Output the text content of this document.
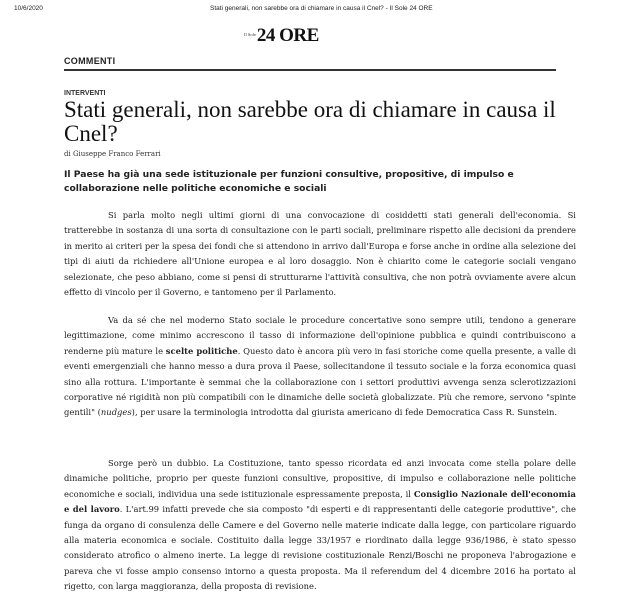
10/6/2020	Stati generali, non sarebbe ora di chiamare in causa il Cnel? - Il Sole 24 ORE
Il Sole 24 ORE
COMMENTI
INTERVENTI
Stati generali, non sarebbe ora di chiamare in causa il Cnel?
di Giuseppe Franco Ferrari
Il Paese ha già una sede istituzionale per funzioni consultive, propositive, di impulso e collaborazione nelle politiche economiche e sociali

Si parla molto negli ultimi giorni di una convocazione di cosiddetti stati generali dell'economia. Si tratterebbe in sostanza di una sorta di consultazione con le parti sociali, preliminare rispetto alle decisioni da prendere in merito ai criteri per la spesa dei fondi che si attendono in arrivo dall'Europa e forse anche in ordine alla selezione dei tipi di aiuti da richiedere all'Unione europea e al loro dosaggio. Non è chiarito come le categorie sociali vengano selezionate, che peso abbiano, come si pensi di strutturarne l'attività consultiva, che non potrà ovviamente avere alcun effetto di vincolo per il Governo, e tantomeno per il Parlamento.

Va da sé che nel moderno Stato sociale le procedure concertative sono sempre utili, tendono a generare legittimazione, come minimo accrescono il tasso di informazione dell'opinione pubblica e quindi contribuiscono a renderne più mature le scelte politiche. Questo dato è ancora più vero in fasi storiche come quella presente, a valle di eventi emergenziali che hanno messo a dura prova il Paese, sollecitandone il tessuto sociale e la forza economica quasi sino alla rottura. L'importante è semmai che la collaborazione con i settori produttivi avvenga senza sclerotizzazioni corporative né rigidità non più compatibili con le dinamiche delle società globalizzate. Più che remore, servono "spinte gentili" (nudges), per usare la terminologia introdotta dal giurista americano di fede Democratica Cass R. Sunstein.

Sorge però un dubbio. La Costituzione, tanto spesso ricordata ed anzi invocata come stella polare delle dinamiche politiche, proprio per queste funzioni consultive, propositive, di impulso e collaborazione nelle politiche economiche e sociali, individua una sede istituzionale espressamente preposta, il Consiglio Nazionale dell'economia e del lavoro. L'art.99 infatti prevede che sia composto "di esperti e di rappresentanti delle categorie produttive", che funga da organo di consulenza delle Camere e del Governo nelle materie indicate dalla legge, con particolare riguardo alla materia economica e sociale. Costituito dalla legge 33/1957 e riordinato dalla legge 936/1986, è stato spesso considerato atrofico o almeno inerte. La legge di revisione costituzionale Renzi/Boschi ne proponeva l'abrogazione e pareva che vi fosse ampio consenso intorno a questa proposta. Ma il referendum del 4 dicembre 2016 ha portato al rigetto, con larga maggioranza, della proposta di revisione.
